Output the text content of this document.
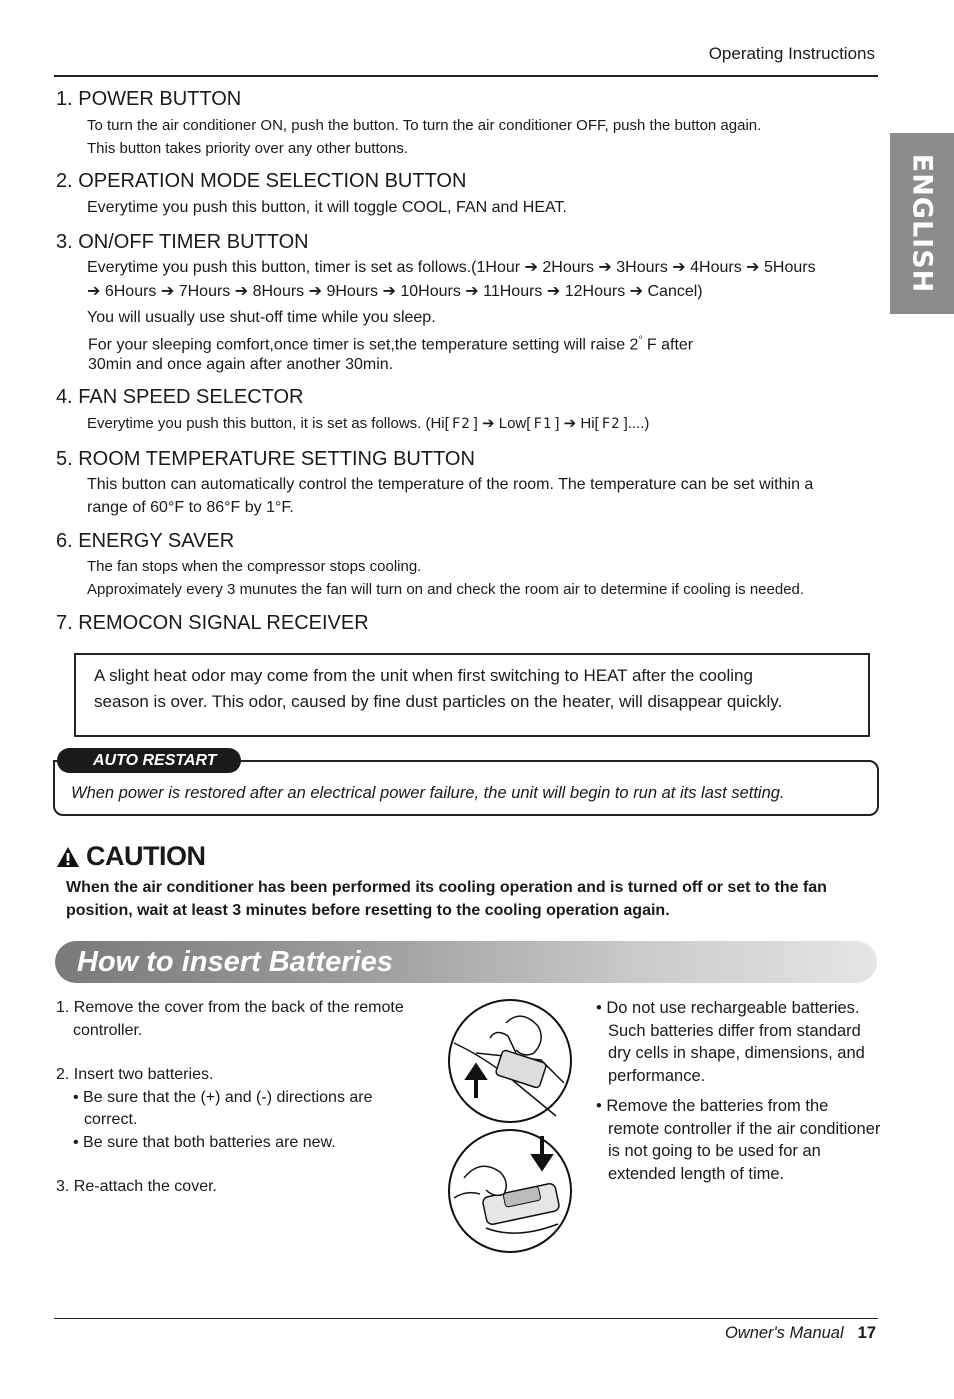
Operating Instructions
ENGLISH
1. POWER BUTTON
To turn the air conditioner ON, push the button. To turn the air conditioner OFF, push the button again.
This button takes priority over any other buttons.
2. OPERATION MODE SELECTION BUTTON
Everytime you push this button, it will toggle COOL, FAN and HEAT.
3. ON/OFF TIMER BUTTON
Everytime you push this button, timer is set as follows.(1Hour ➔ 2Hours ➔ 3Hours ➔ 4Hours ➔ 5Hours
➔ 6Hours ➔ 7Hours ➔ 8Hours ➔ 9Hours ➔ 10Hours ➔ 11Hours ➔ 12Hours ➔ Cancel)
You will usually use shut-off time while you sleep.
For your sleeping comfort,once timer is set,the temperature setting will raise 2° F after
30min and once again after another 30min.
4. FAN SPEED SELECTOR
Everytime you push this button, it is set as follows. (Hi[ F2 ] ➔ Low[ F1 ] ➔ Hi[ F2 ]....)
5. ROOM TEMPERATURE SETTING BUTTON
This button can automatically control the temperature of the room. The temperature can be set within a
range of 60°F to 86°F by 1°F.
6. ENERGY SAVER
The fan stops when the compressor stops cooling.
Approximately every 3 munutes the fan will turn on and check the room air to determine if cooling is needed.
7. REMOCON SIGNAL RECEIVER
A slight heat odor may come from the unit when first switching to HEAT after the cooling
season is over. This odor, caused by fine dust particles on the heater, will disappear quickly.
AUTO RESTART
When power is restored after an electrical power failure, the unit will begin to run at its last setting.
CAUTION
When the air conditioner has been performed its cooling operation and is turned off or set to the fan
position, wait at least 3 minutes before resetting to the cooling operation again.
How to insert Batteries

1. Remove the cover from the back of the remote

controller.

2. Insert two batteries.

• Be sure that the (+) and (-) directions are

correct.

• Be sure that both batteries are new.

3. Re-attach the cover.

• Do not use rechargeable batteries. Such batteries differ from standard dry cells in shape, dimensions, and performance.

• Remove the batteries from the remote controller if the air conditioner is not going to be used for an extended length of time.

Owner's Manual 17
